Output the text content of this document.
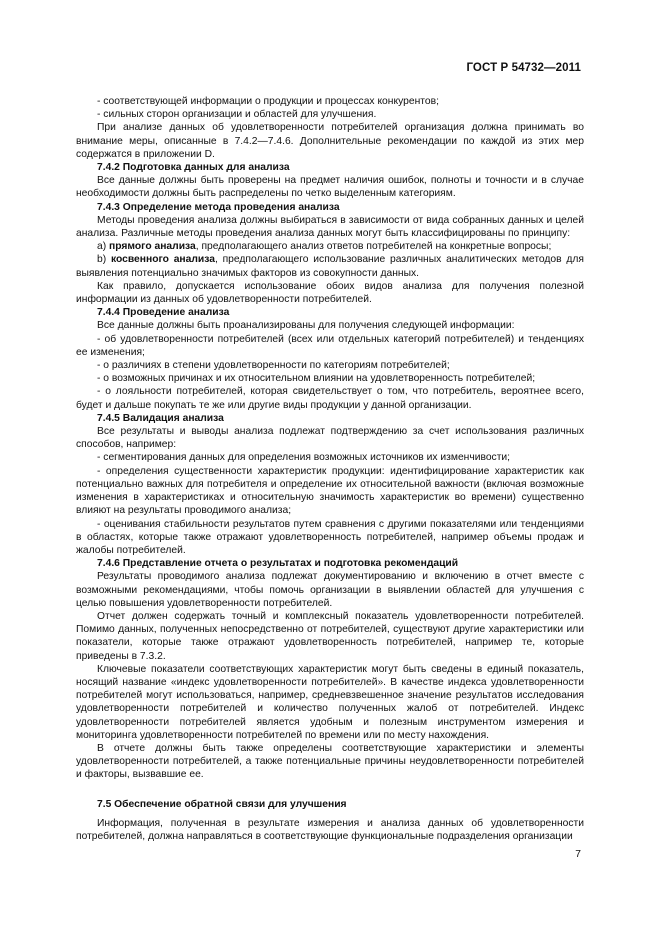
ГОСТ Р 54732—2011

- соответствующей информации о продукции и процессах конкурентов;

- сильных сторон организации и областей для улучшения.

При анализе данных об удовлетворенности потребителей организация должна принимать во внимание меры, описанные в 7.4.2—7.4.6. Дополнительные рекомендации по каждой из этих мер содержатся в приложении D.

7.4.2 Подготовка данных для анализа

Все данные должны быть проверены на предмет наличия ошибок, полноты и точности и в случае необходимости должны быть распределены по четко выделенным категориям.

7.4.3 Определение метода проведения анализа

Методы проведения анализа должны выбираться в зависимости от вида собранных данных и целей анализа. Различные методы проведения анализа данных могут быть классифицированы по принципу:

а) прямого анализа, предполагающего анализ ответов потребителей на конкретные вопросы;

b) косвенного анализа, предполагающего использование различных аналитических методов для выявления потенциально значимых факторов из совокупности данных.

Как правило, допускается использование обоих видов анализа для получения полезной информации из данных об удовлетворенности потребителей.

7.4.4 Проведение анализа

Все данные должны быть проанализированы для получения следующей информации:

- об удовлетворенности потребителей (всех или отдельных категорий потребителей) и тенденциях ее изменения;

- о различиях в степени удовлетворенности по категориям потребителей;

- о возможных причинах и их относительном влиянии на удовлетворенность потребителей;

- о лояльности потребителей, которая свидетельствует о том, что потребитель, вероятнее всего, будет и дальше покупать те же или другие виды продукции у данной организации.

7.4.5 Валидация анализа

Все результаты и выводы анализа подлежат подтверждению за счет использования различных способов, например:

- сегментирования данных для определения возможных источников их изменчивости;

- определения существенности характеристик продукции: идентифицирование характеристик как потенциально важных для потребителя и определение их относительной важности (включая возможные изменения в характеристиках и относительную значимость характеристик во времени) существенно влияют на результаты проводимого анализа;

- оценивания стабильности результатов путем сравнения с другими показателями или тенденциями в областях, которые также отражают удовлетворенность потребителей, например объемы продаж и жалобы потребителей.

7.4.6 Представление отчета о результатах и подготовка рекомендаций

Результаты проводимого анализа подлежат документированию и включению в отчет вместе с возможными рекомендациями, чтобы помочь организации в выявлении областей для улучшения с целью повышения удовлетворенности потребителей.

Отчет должен содержать точный и комплексный показатель удовлетворенности потребителей. Помимо данных, полученных непосредственно от потребителей, существуют другие характеристики или показатели, которые также отражают удовлетворенность потребителей, например те, которые приведены в 7.3.2.

Ключевые показатели соответствующих характеристик могут быть сведены в единый показатель, носящий название «индекс удовлетворенности потребителей». В качестве индекса удовлетворенности потребителей могут использоваться, например, средневзвешенное значение результатов исследования удовлетворенности потребителей и количество полученных жалоб от потребителей. Индекс удовлетворенности потребителей является удобным и полезным инструментом измерения и мониторинга удовлетворенности потребителей по времени или по месту нахождения.

В отчете должны быть также определены соответствующие характеристики и элементы удовлетворенности потребителей, а также потенциальные причины неудовлетворенности потребителей и факторы, вызвавшие ее.

7.5 Обеспечение обратной связи для улучшения

Информация, полученная в результате измерения и анализа данных об удовлетворенности потребителей, должна направляться в соответствующие функциональные подразделения организации

7
